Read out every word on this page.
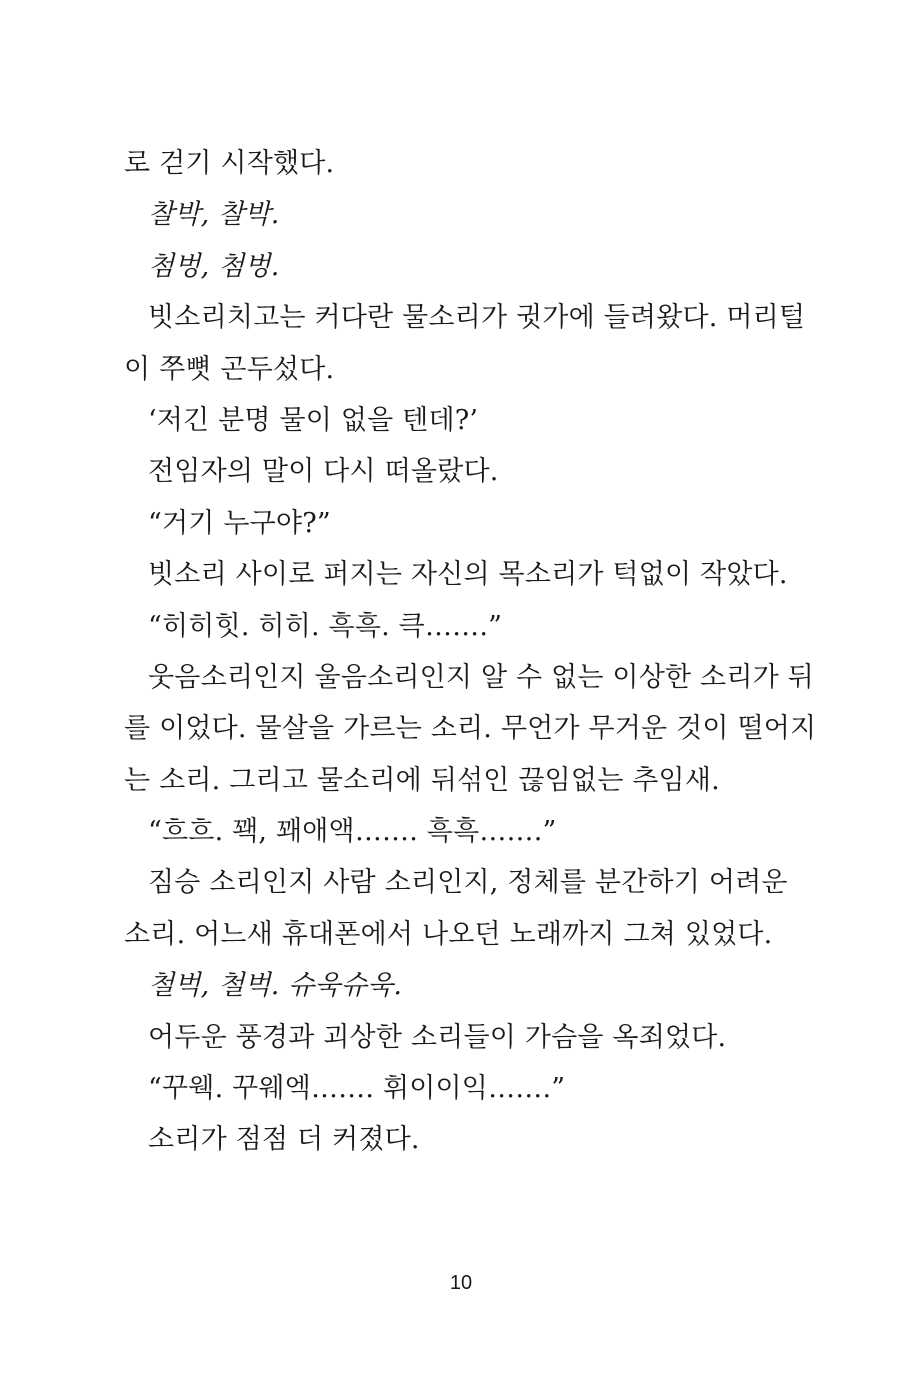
로 걷기 시작했다.
찰박, 찰박.
첨벙, 첨벙.
빗소리치고는 커다란 물소리가 귓가에 들려왔다. 머리털
이 쭈뼛 곤두섰다.
‘저긴 분명 물이 없을 텐데?’
전임자의 말이 다시 떠올랐다.
“거기 누구야?”
빗소리 사이로 퍼지는 자신의 목소리가 턱없이 작았다.
“히히힛. 히히. 흑흑. 큭…….”
웃음소리인지 울음소리인지 알 수 없는 이상한 소리가 뒤
를 이었다. 물살을 가르는 소리. 무언가 무거운 것이 떨어지
는 소리. 그리고 물소리에 뒤섞인 끊임없는 추임새.
“흐흐. 꽥, 꽤애액……. 흑흑…….”
짐승 소리인지 사람 소리인지, 정체를 분간하기 어려운
소리. 어느새 휴대폰에서 나오던 노래까지 그쳐 있었다.
철벅, 철벅. 슈욱슈욱.
어두운 풍경과 괴상한 소리들이 가슴을 옥죄었다.
“꾸웩. 꾸웨엑……. 휘이이익…….”
소리가 점점 더 커졌다.
10
